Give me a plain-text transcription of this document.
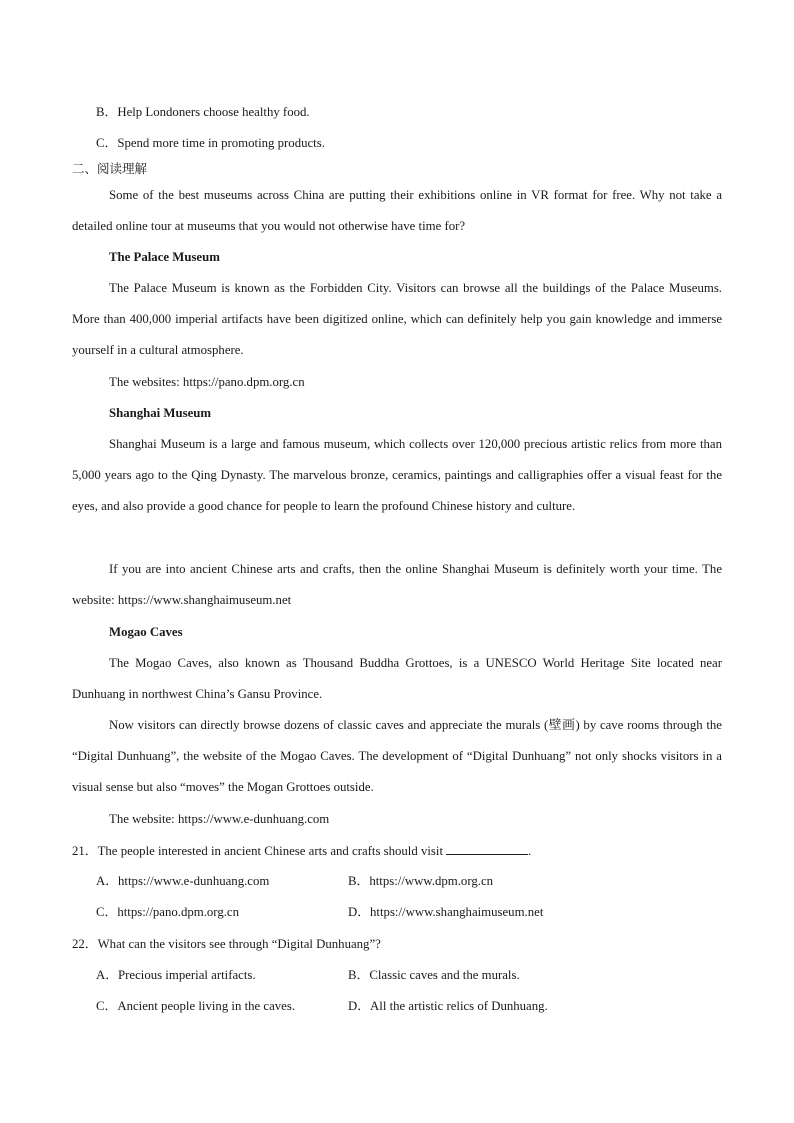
B．Help Londoners choose healthy food.
C．Spend more time in promoting products.
二、阅读理解

Some of the best museums across China are putting their exhibitions online in VR format for free. Why not take a detailed online tour at museums that you would not otherwise have time for?

The Palace Museum

The Palace Museum is known as the Forbidden City. Visitors can browse all the buildings of the Palace Museums. More than 400,000 imperial artifacts have been digitized online, which can definitely help you gain knowledge and immerse yourself in a cultural atmosphere.

The websites: https://pano.dpm.org.cn
Shanghai Museum

Shanghai Museum is a large and famous museum, which collects over 120,000 precious artistic relics from more than 5,000 years ago to the Qing Dynasty. The marvelous bronze, ceramics, paintings and calligraphies offer a visual feast for the eyes, and also provide a good chance for people to learn the profound Chinese history and culture.

If you are into ancient Chinese arts and crafts, then the online Shanghai Museum is definitely worth your time. The website: https://www.shanghaimuseum.net

Mogao Caves

The Mogao Caves, also known as Thousand Buddha Grottoes, is a UNESCO World Heritage Site located near Dunhuang in northwest China’s Gansu Province.

Now visitors can directly browse dozens of classic caves and appreciate the murals (壁画) by cave rooms through the “Digital Dunhuang”, the website of the Mogao Caves. The development of “Digital Dunhuang” not only shocks visitors in a visual sense but also “moves” the Mogan Grottoes outside.

The website: https://www.e-dunhuang.com
21．The people interested in ancient Chinese arts and crafts should visit	.
A．https://www.e-dunhuang.com	B．https://www.dpm.org.cn
C．https://pano.dpm.org.cn	D．https://www.shanghaimuseum.net
22．What can the visitors see through “Digital Dunhuang”?
A．Precious imperial artifacts.	B．Classic caves and the murals.
C．Ancient people living in the caves.	D．All the artistic relics of Dunhuang.
